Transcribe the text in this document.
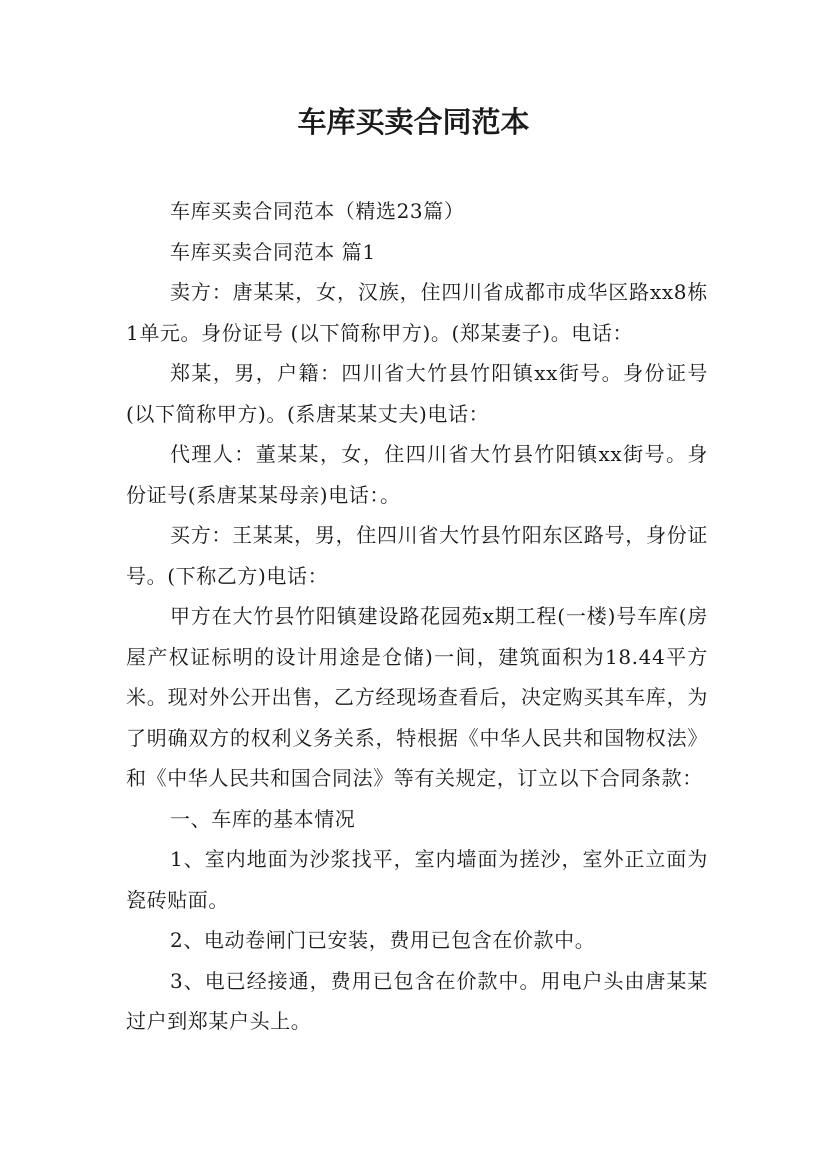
车库买卖合同范本

车库买卖合同范本（精选23篇）

车库买卖合同范本 篇1

卖方：唐某某，女，汉族，住四川省成都市成华区路xx8栋1单元。身份证号 (以下简称甲方)。(郑某妻子)。电话：

郑某，男，户籍：四川省大竹县竹阳镇xx街号。身份证号(以下简称甲方)。(系唐某某丈夫)电话：

代理人：董某某，女，住四川省大竹县竹阳镇xx街号。身份证号(系唐某某母亲)电话：。

买方：王某某，男，住四川省大竹县竹阳东区路号，身份证号。(下称乙方)电话：

甲方在大竹县竹阳镇建设路花园苑x期工程(一楼)号车库(房屋产权证标明的设计用途是仓储)一间，建筑面积为18.44平方米。现对外公开出售，乙方经现场查看后，决定购买其车库，为了明确双方的权利义务关系，特根据《中华人民共和国物权法》和《中华人民共和国合同法》等有关规定，订立以下合同条款：

一、车库的基本情况

1、室内地面为沙浆找平，室内墙面为搓沙，室外正立面为瓷砖贴面。

2、电动卷闸门已安装，费用已包含在价款中。

3、电已经接通，费用已包含在价款中。用电户头由唐某某过户到郑某户头上。
